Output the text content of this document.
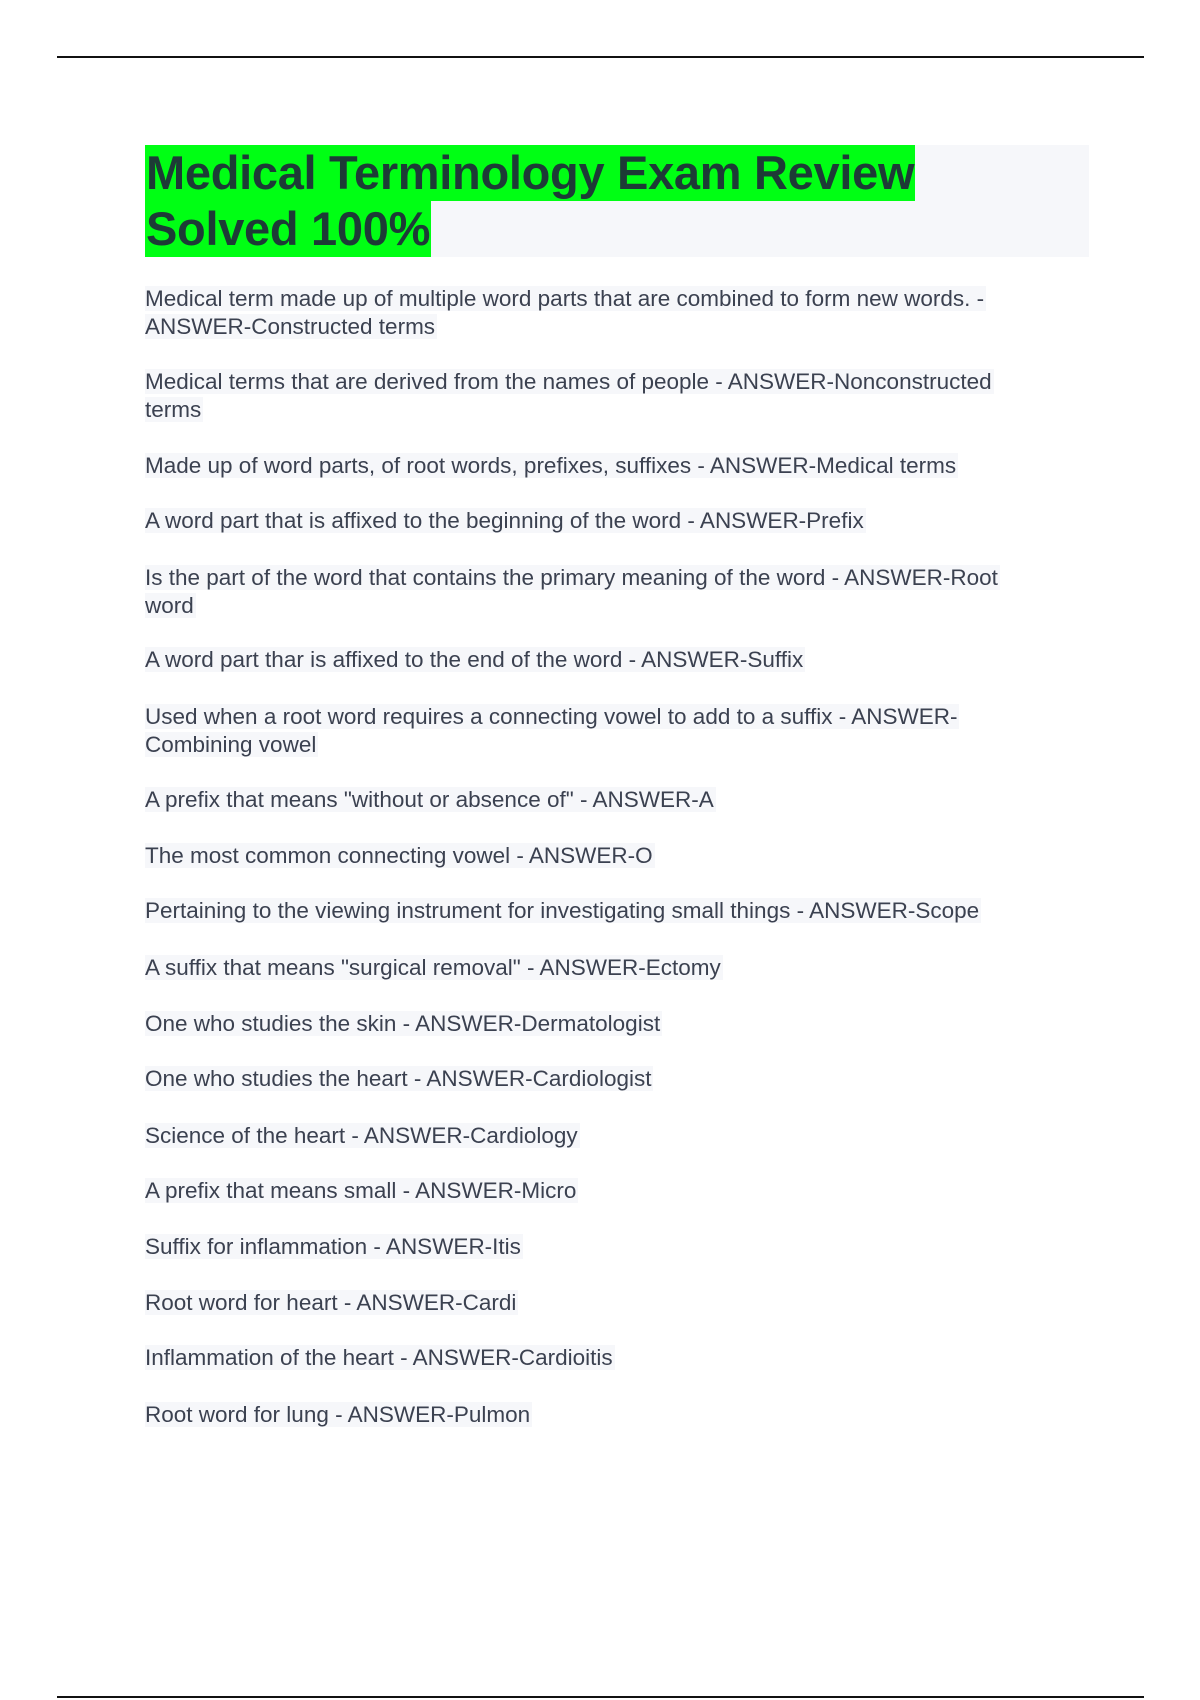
Medical Terminology Exam Review
Solved 100%
Medical term made up of multiple word parts that are combined to form new words. -
ANSWER-Constructed terms
Medical terms that are derived from the names of people - ANSWER-Nonconstructed
terms
Made up of word parts, of root words, prefixes, suffixes - ANSWER-Medical terms
A word part that is affixed to the beginning of the word - ANSWER-Prefix
Is the part of the word that contains the primary meaning of the word - ANSWER-Root
word
A word part thar is affixed to the end of the word - ANSWER-Suffix
Used when a root word requires a connecting vowel to add to a suffix - ANSWER-
Combining vowel
A prefix that means "without or absence of" - ANSWER-A
The most common connecting vowel - ANSWER-O
Pertaining to the viewing instrument for investigating small things - ANSWER-Scope
A suffix that means "surgical removal" - ANSWER-Ectomy
One who studies the skin - ANSWER-Dermatologist
One who studies the heart - ANSWER-Cardiologist
Science of the heart - ANSWER-Cardiology
A prefix that means small - ANSWER-Micro
Suffix for inflammation - ANSWER-Itis
Root word for heart - ANSWER-Cardi
Inflammation of the heart - ANSWER-Cardioitis
Root word for lung - ANSWER-Pulmon
